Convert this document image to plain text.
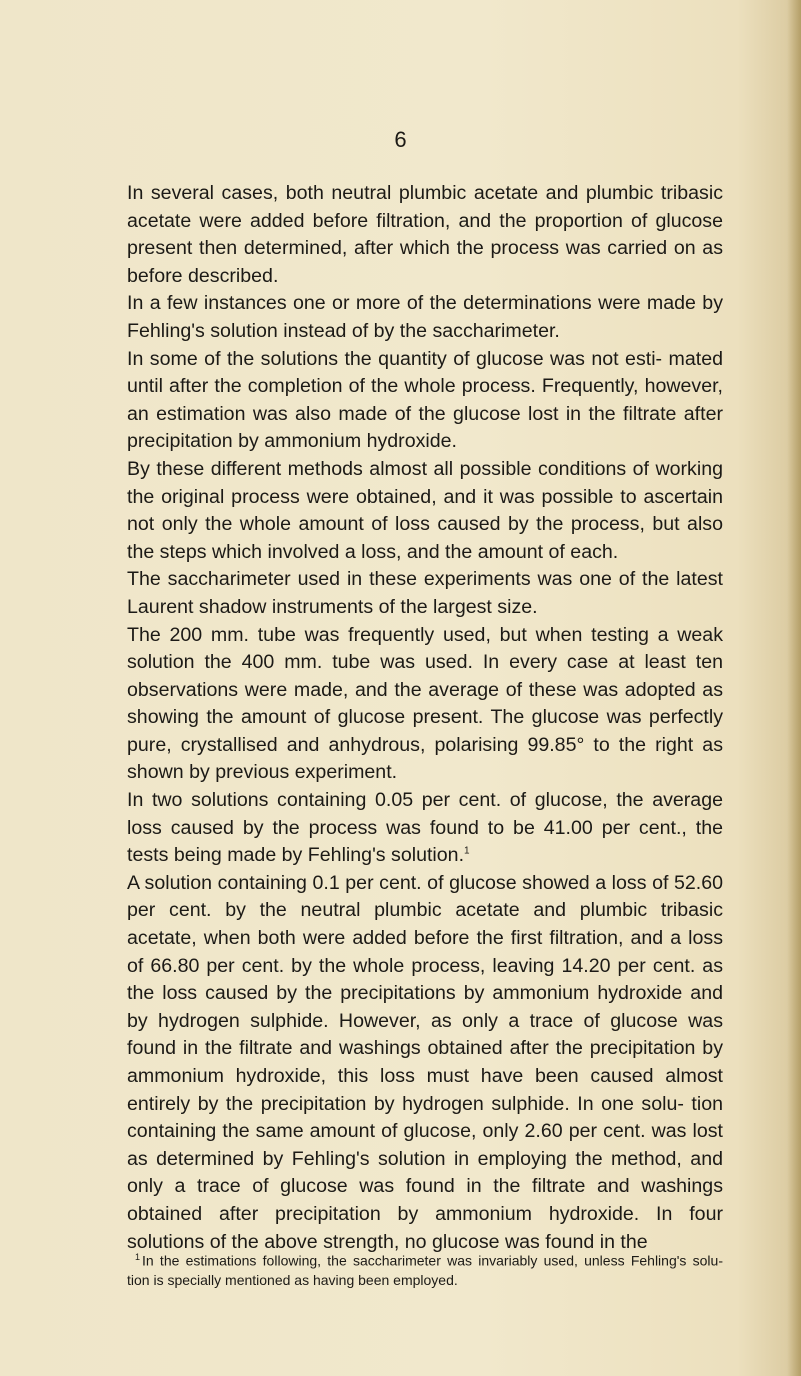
6

In several cases, both neutral plumbic acetate and plumbic tribasic acetate were added before filtration, and the proportion of glucose present then determined, after which the process was carried on as before described.

In a few instances one or more of the determinations were made by Fehling's solution instead of by the saccharimeter.

In some of the solutions the quantity of glucose was not esti- mated until after the completion of the whole process. Frequently, however, an estimation was also made of the glucose lost in the filtrate after precipitation by ammonium hydroxide.

By these different methods almost all possible conditions of working the original process were obtained, and it was possible to ascertain not only the whole amount of loss caused by the process, but also the steps which involved a loss, and the amount of each.

The saccharimeter used in these experiments was one of the latest Laurent shadow instruments of the largest size.

The 200 mm. tube was frequently used, but when testing a weak solution the 400 mm. tube was used. In every case at least ten observations were made, and the average of these was adopted as showing the amount of glucose present. The glucose was perfectly pure, crystallised and anhydrous, polarising 99.85° to the right as shown by previous experiment.

In two solutions containing 0.05 per cent. of glucose, the average loss caused by the process was found to be 41.00 per cent., the tests being made by Fehling's solution.$^1$

A solution containing 0.1 per cent. of glucose showed a loss of 52.60 per cent. by the neutral plumbic acetate and plumbic tribasic acetate, when both were added before the first filtration, and a loss of 66.80 per cent. by the whole process, leaving 14.20 per cent. as the loss caused by the precipitations by ammonium hydroxide and by hydrogen sulphide. However, as only a trace of glucose was found in the filtrate and washings obtained after the precipitation by ammonium hydroxide, this loss must have been caused almost entirely by the precipitation by hydrogen sulphide. In one solu- tion containing the same amount of glucose, only 2.60 per cent. was lost as determined by Fehling's solution in employing the method, and only a trace of glucose was found in the filtrate and washings obtained after precipitation by ammonium hydroxide. In four solutions of the above strength, no glucose was found in the

$^1$ In the estimations following, the saccharimeter was invariably used, unless Fehling's solu- tion is specially mentioned as having been employed.
